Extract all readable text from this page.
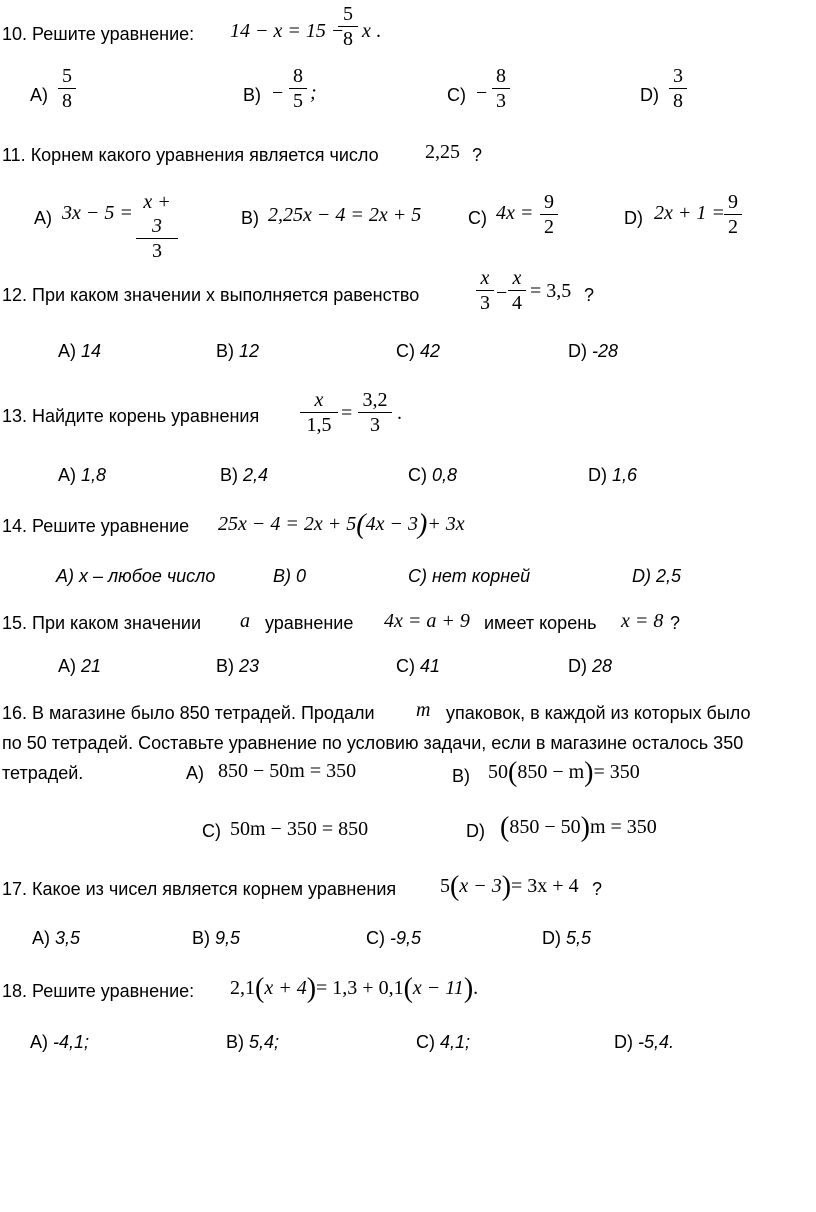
10. Решите уравнение: 14 − x = 15 −
5
8 x .
A)
5
8	B) −
8
5 ;	C) −
8
3	D)
3
8
11. Корнем какого уравнения является число 2,25 ?
A) 3x − 5 = x + 3
3
B) 2,25x − 4 = 2x + 5	C) 4x = 9
2	D) 2x + 1 = 9
2
12. При каком значении x выполняется равенство
x
3 −
x
4
= 3,5 ?
A) 14	B) 12	C) 42	D) -28
13. Найдите корень уравнения
x
1,5
=
3,2
3
.
A) 1,8	B) 2,4	C) 0,8	D) 1,6
14. Решите уравнение 25x − 4 = 2x + 5(4x − 3)+ 3x
A) x – любое число	B) 0	C) нет корней	D) 2,5
15. При каком значении a уравнение 4x = a + 9 имеет корень x = 8 ?
A) 21	B) 23	C) 41	D) 28
16. В магазине было 850 тетрадей. Продали m упаковок, в каждой из которых было
по 50 тетрадей. Составьте уравнение по условию задачи, если в магазине осталось 350
тетрадей.	A) 850 − 50m = 350	B) 50(850 − m)= 350
C) 50m − 350 = 850	D) (850 − 50)m = 350
17. Какое из чисел является корнем уравнения 5(x − 3)= 3x + 4 ?
A) 3,5	B) 9,5	C) -9,5	D) 5,5
18. Решите уравнение: 2,1(x + 4)= 1,3 + 0,1(x − 11).
A) -4,1;	B) 5,4;	C) 4,1;	D) -5,4.
